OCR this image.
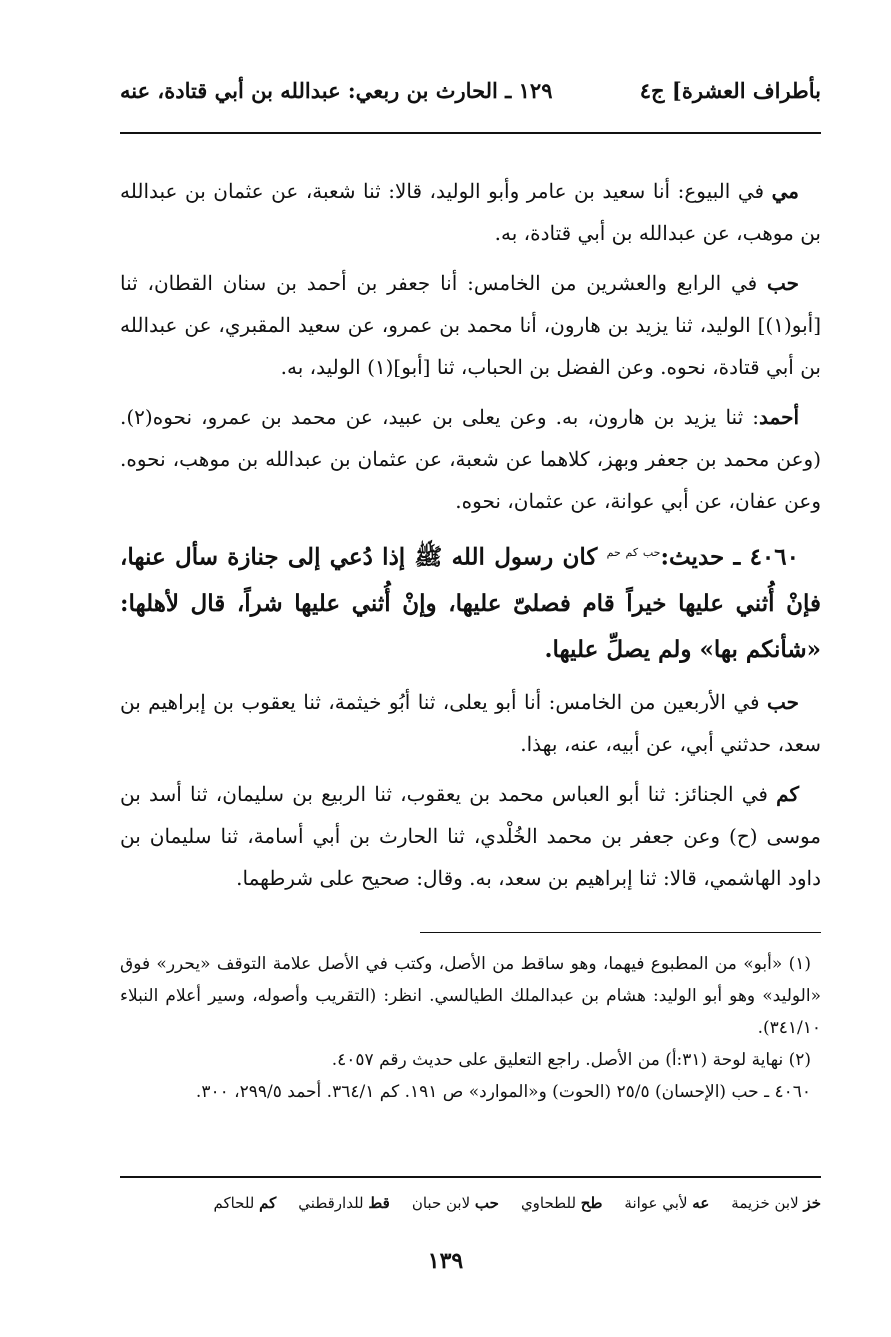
بأطراف العشرة] ج٤
١٢٩ ـ الحارث بن ربعي: عبدالله بن أبي قتادة، عنه

مي في البيوع: أنا سعيد بن عامر وأبو الوليد، قالا: ثنا شعبة، عن عثمان بن عبدالله بن موهب، عن عبدالله بن أبي قتادة، به.

حب في الرابع والعشرين من الخامس: أنا جعفر بن أحمد بن سنان القطان، ثنا [أبو(١)] الوليد، ثنا يزيد بن هارون، أنا محمد بن عمرو، عن سعيد المقبري، عن عبدالله بن أبي قتادة، نحوه. وعن الفضل بن الحباب، ثنا [أبو](١) الوليد، به.

أحمد: ثنا يزيد بن هارون، به. وعن يعلى بن عبيد، عن محمد بن عمرو، نحوه(٢). (وعن محمد بن جعفر وبهز، كلاهما عن شعبة، عن عثمان بن عبدالله بن موهب، نحوه. وعن عفان، عن أبي عوانة، عن عثمان، نحوه.

٤٠٦٠ ـ حديث:$^{حب كم حم}$ كان رسول الله ﷺ إذا دُعي إلى جنازة سأل عنها، فإنْ أُثني عليها خيراً قام فصلىّ عليها، وإنْ أُثني عليها شراً، قال لأهلها: «شأنكم بها» ولم يصلِّ عليها.

حب في الأربعين من الخامس: أنا أبو يعلى، ثنا أبُو خيثمة، ثنا يعقوب بن إبراهيم بن سعد، حدثني أبي، عن أبيه، عنه، بهذا.

كم في الجنائز: ثنا أبو العباس محمد بن يعقوب، ثنا الربيع بن سليمان، ثنا أسد بن موسى (ح) وعن جعفر بن محمد الخُلْدي، ثنا الحارث بن أبي أسامة، ثنا سليمان بن داود الهاشمي، قالا: ثنا إبراهيم بن سعد، به. وقال: صحيح على شرطهما.

(١) «أبو» من المطبوع فيهما، وهو ساقط من الأصل، وكتب في الأصل علامة التوقف «يحرر» فوق «الوليد» وهو أبو الوليد: هشام بن عبدالملك الطيالسي. انظر: (التقريب وأصوله، وسير أعلام النبلاء ٣٤١/١٠).

(٢) نهاية لوحة (٣١:أ) من الأصل. راجع التعليق على حديث رقم ٤٠٥٧.

٤٠٦٠ ـ حب (الإحسان) ٢٥/٥ (الحوت) و«الموارد» ص ١٩١. كم ٣٦٤/١. أحمد ٢٩٩/٥، ٣٠٠.

خز لابن خزيمة
عه لأبي عوانة
طح للطحاوي
حب لابن حبان
قط للدارقطني
كم للحاكم
١٣٩
